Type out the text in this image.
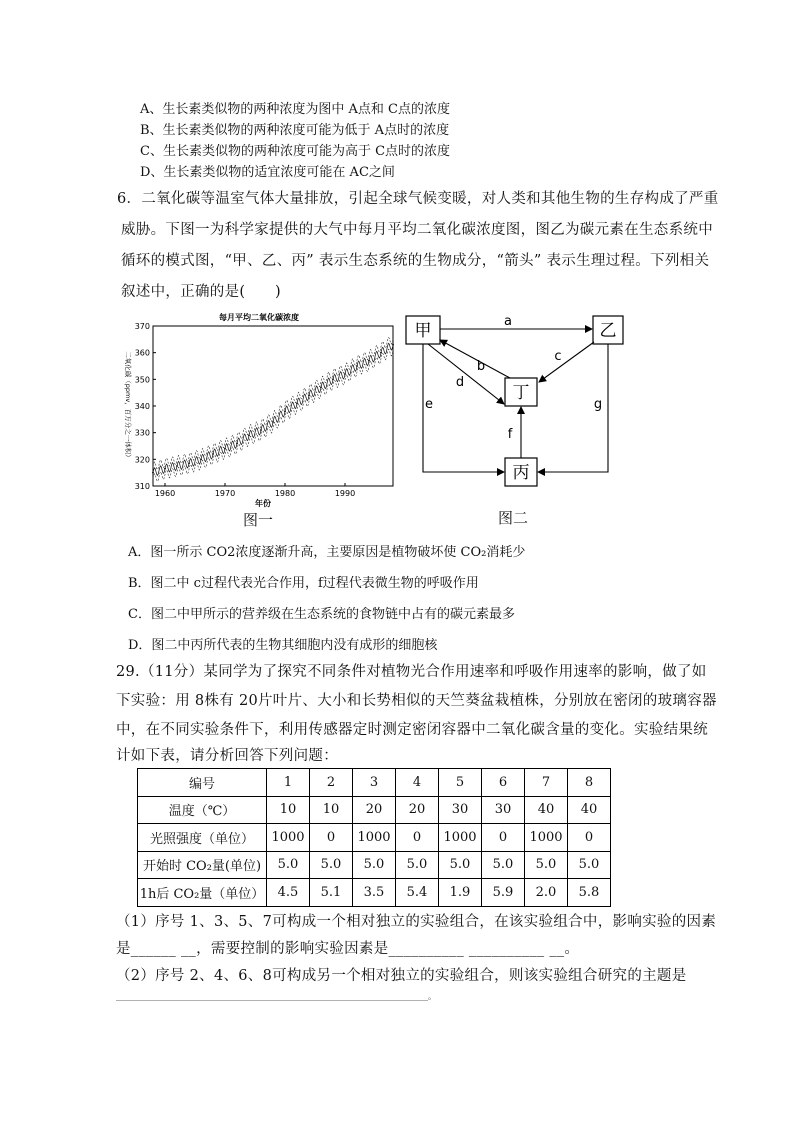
A、生长素类似物的两种浓度为图中 A点和 C点的浓度
B、生长素类似物的两种浓度可能为低于 A点时的浓度
C、生长素类似物的两种浓度可能为高于 C点时的浓度
D、生长素类似物的适宜浓度可能在 AC之间
6．二氧化碳等温室气体大量排放，引起全球气候变暖，对人类和其他生物的生存构成了严重
威胁。下图一为科学家提供的大气中每月平均二氧化碳浓度图，图乙为碳元素在生态系统中
循环的模式图，“甲、乙、丙” 表示生态系统的生物成分，“箭头” 表示生理过程。下列相关
叙述中，正确的是(　　)
每月平均二氧化碳浓度
二氧化碳（ppmv，百万分之一体积）
年份
310
320
330
340
350
360
370
1960	1970	1980	1990
图一
甲	乙
丁
丙
a
c
b
d
f
e	g
图二
A．图一所示 CO2浓度逐渐升高，主要原因是植物破坏使 CO₂消耗少
B．图二中 c过程代表光合作用，f过程代表微生物的呼吸作用
C．图二中甲所示的营养级在生态系统的食物链中占有的碳元素最多
D．图二中丙所代表的生物其细胞内没有成形的细胞核
29.（11分）某同学为了探究不同条件对植物光合作用速率和呼吸作用速率的影响，做了如
下实验：用 8株有 20片叶片、大小和长势相似的天竺葵盆栽植株，分别放在密闭的玻璃容器
中，在不同实验条件下，利用传感器定时测定密闭容器中二氧化碳含量的变化。实验结果统
计如下表，请分析回答下列问题：
编号	1	2	3	4	5	6	7	8
温度（℃）	10	10	20	20	30	30	40	40
光照强度（单位）	1000	0	1000	0	1000	0	1000	0
开始时 CO₂量(单位)	5.0	5.0	5.0	5.0	5.0	5.0	5.0	5.0
1h后 CO₂量（单位）	4.5	5.1	3.5	5.4	1.9	5.9	2.0	5.8
（1）序号 1、3、5、7可构成一个相对独立的实验组合，在该实验组合中，影响实验的因素
是______ __，需要控制的影响实验因素是__________ __________ __。
（2）序号 2、4、6、8可构成另一个相对独立的实验组合，则该实验组合研究的主题是
______________________________________________________________________________。
